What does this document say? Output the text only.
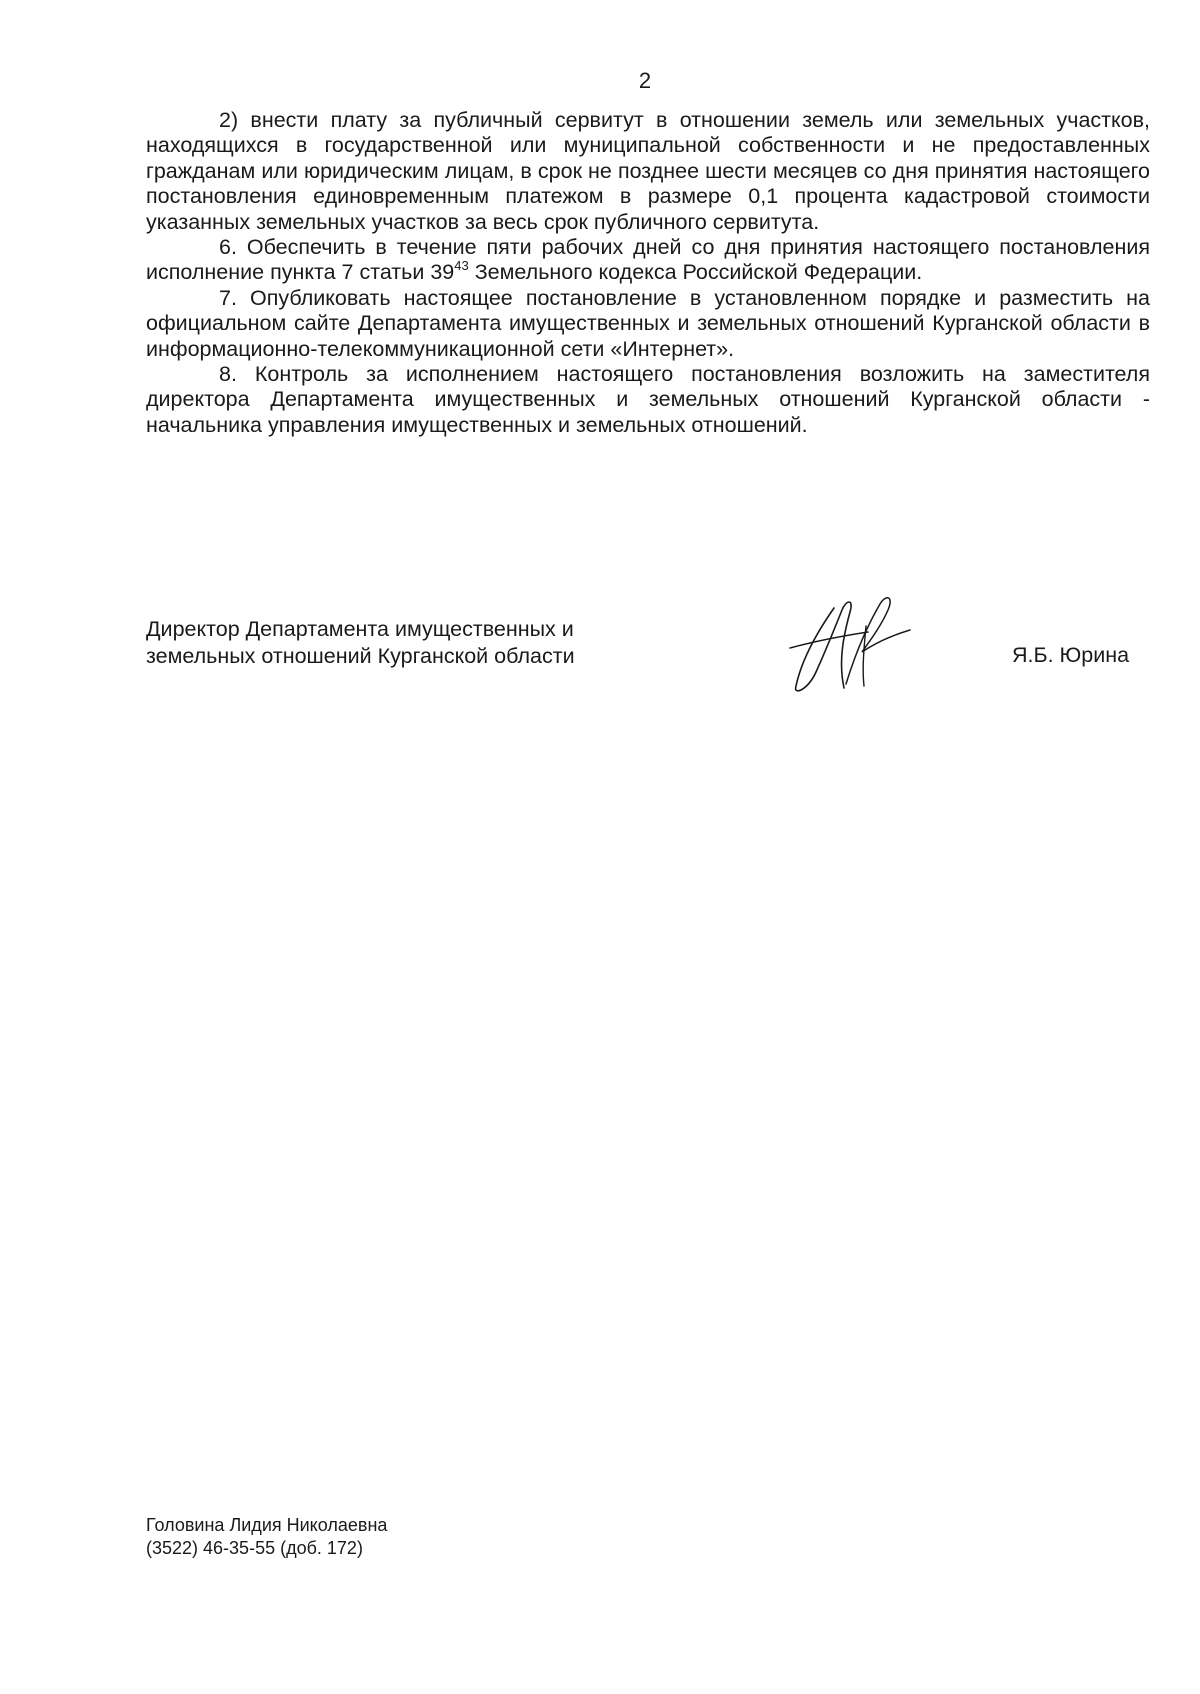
2

2) внести плату за публичный сервитут в отношении земель или земельных участков, находящихся в государственной или муниципальной собственности и не предоставленных гражданам или юридическим лицам, в срок не позднее шести месяцев со дня принятия настоящего постановления единовременным платежом в размере 0,1 процента кадастровой стоимости указанных земельных участков за весь срок публичного сервитута.

6. Обеспечить в течение пяти рабочих дней со дня принятия настоящего постановления исполнение пункта 7 статьи $39^{43}$ Земельного кодекса Российской Федерации.

7. Опубликовать настоящее постановление в установленном порядке и разместить на официальном сайте Департамента имущественных и земельных отношений Курганской области в информационно-телекоммуникационной сети «Интернет».

8. Контроль за исполнением настоящего постановления возложить на заместителя директора Департамента имущественных и земельных отношений Курганской области - начальника управления имущественных и земельных отношений.

Директор Департамента имущественных и
земельных отношений Курганской области	Я.Б. Юрина
Головина Лидия Николаевна
(3522) 46-35-55 (доб. 172)
